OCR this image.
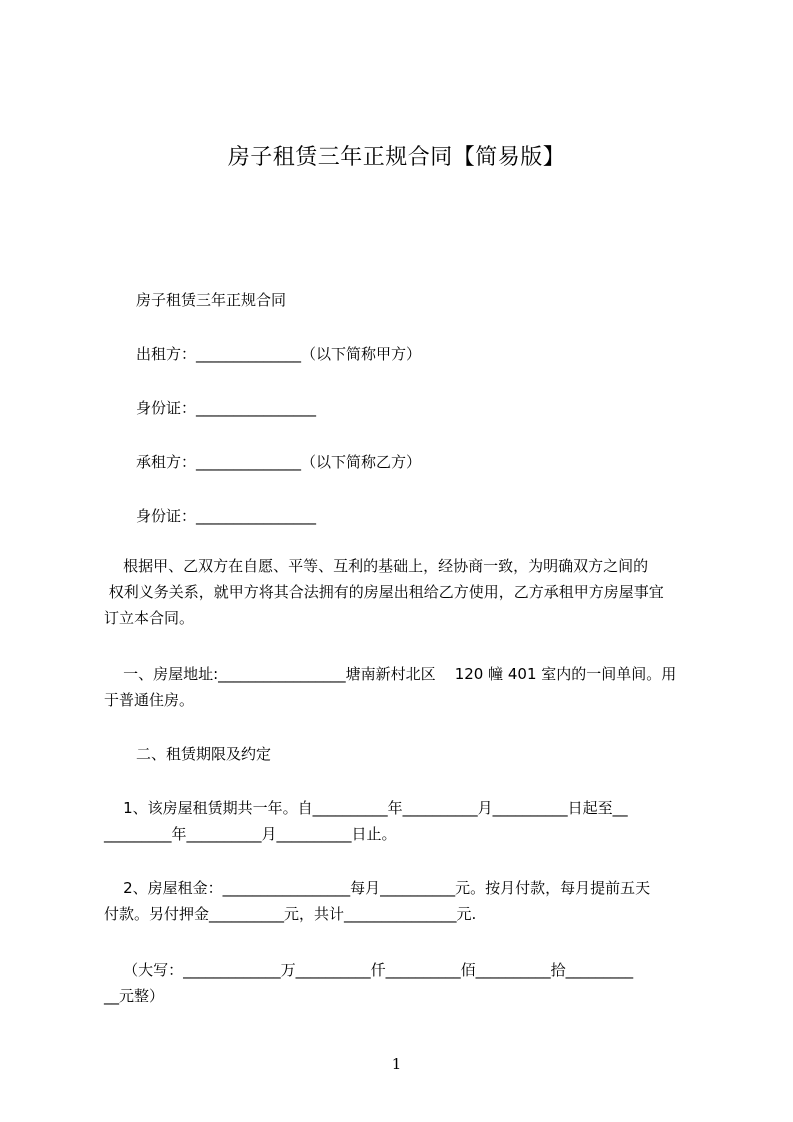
房子租赁三年正规合同【简易版】
房子租赁三年正规合同
出租方：______________（以下简称甲方）
身份证：________________
承租方：______________（以下简称乙方）
身份证：________________
根据甲、乙双方在自愿、平等、互利的基础上，经协商一致，为明确双方之间的
权利义务关系，就甲方将其合法拥有的房屋出租给乙方使用，乙方承租甲方房屋事宜
订立本合同。
一、房屋地址:_________________塘南新村北区    120 幢 401 室内的一间单间。用
于普通住房。
二、租赁期限及约定
1、该房屋租赁期共一年。自__________年__________月__________日起至__
_________年__________月__________日止。
2、房屋租金：_________________每月__________元。按月付款，每月提前五天
付款。另付押金__________元，共计_______________元.
（大写：_____________万__________仟__________佰__________拾_________
__元整）
1
